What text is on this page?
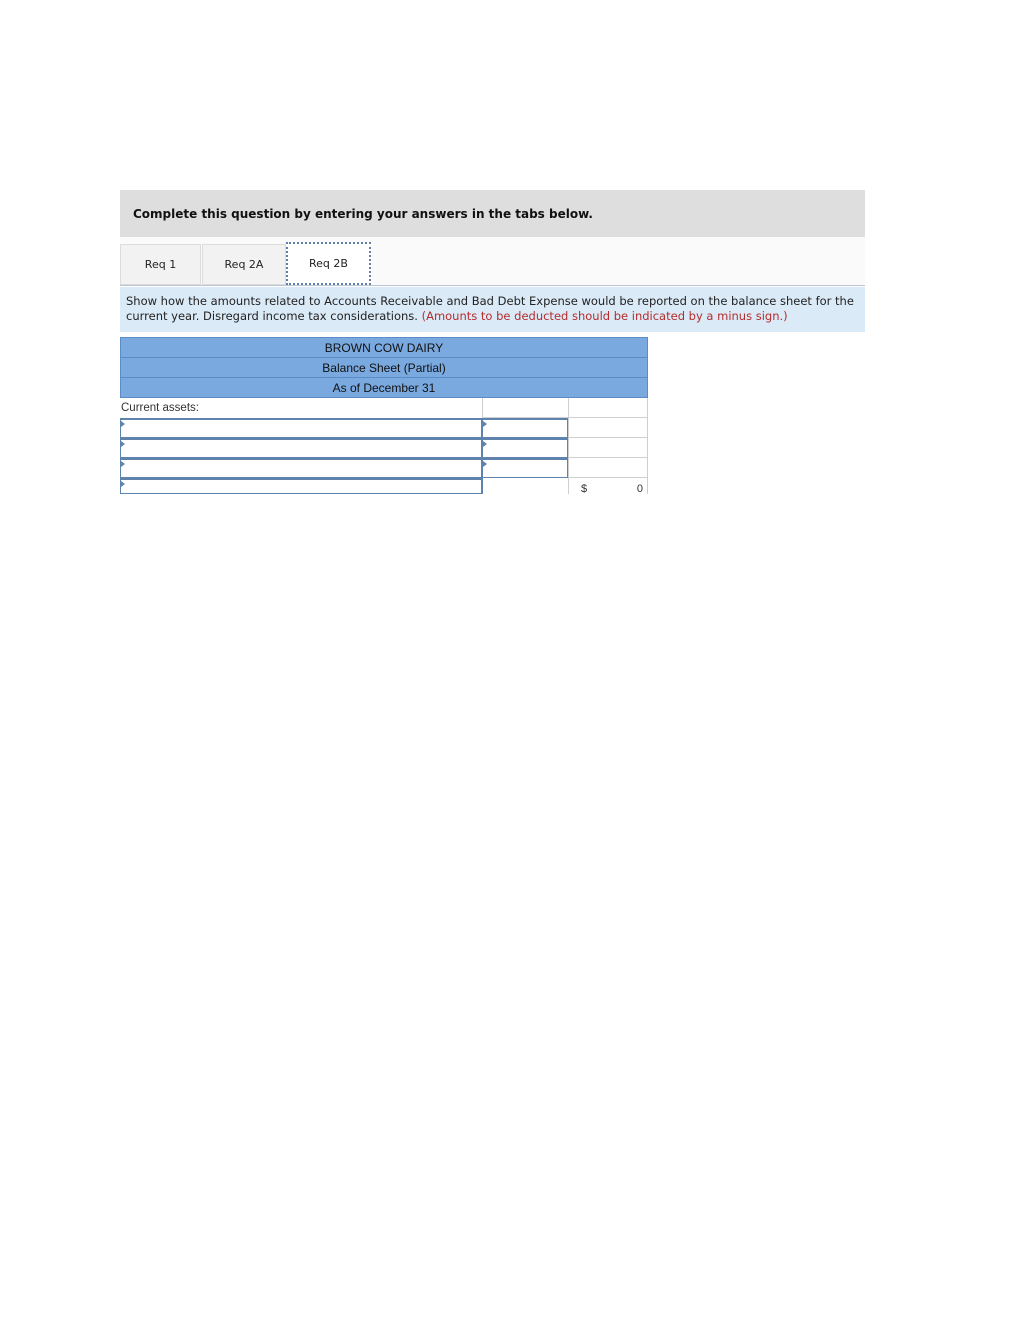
Complete this question by entering your answers in the tabs below.
Req 1	Req 2A	Req 2B
Show how the amounts related to Accounts Receivable and Bad Debt Expense would be reported on the balance sheet for the current year. Disregard income tax considerations. (Amounts to be deducted should be indicated by a minus sign.)
BROWN COW DAIRY
Balance Sheet (Partial)
As of December 31
Current assets:
$	0
